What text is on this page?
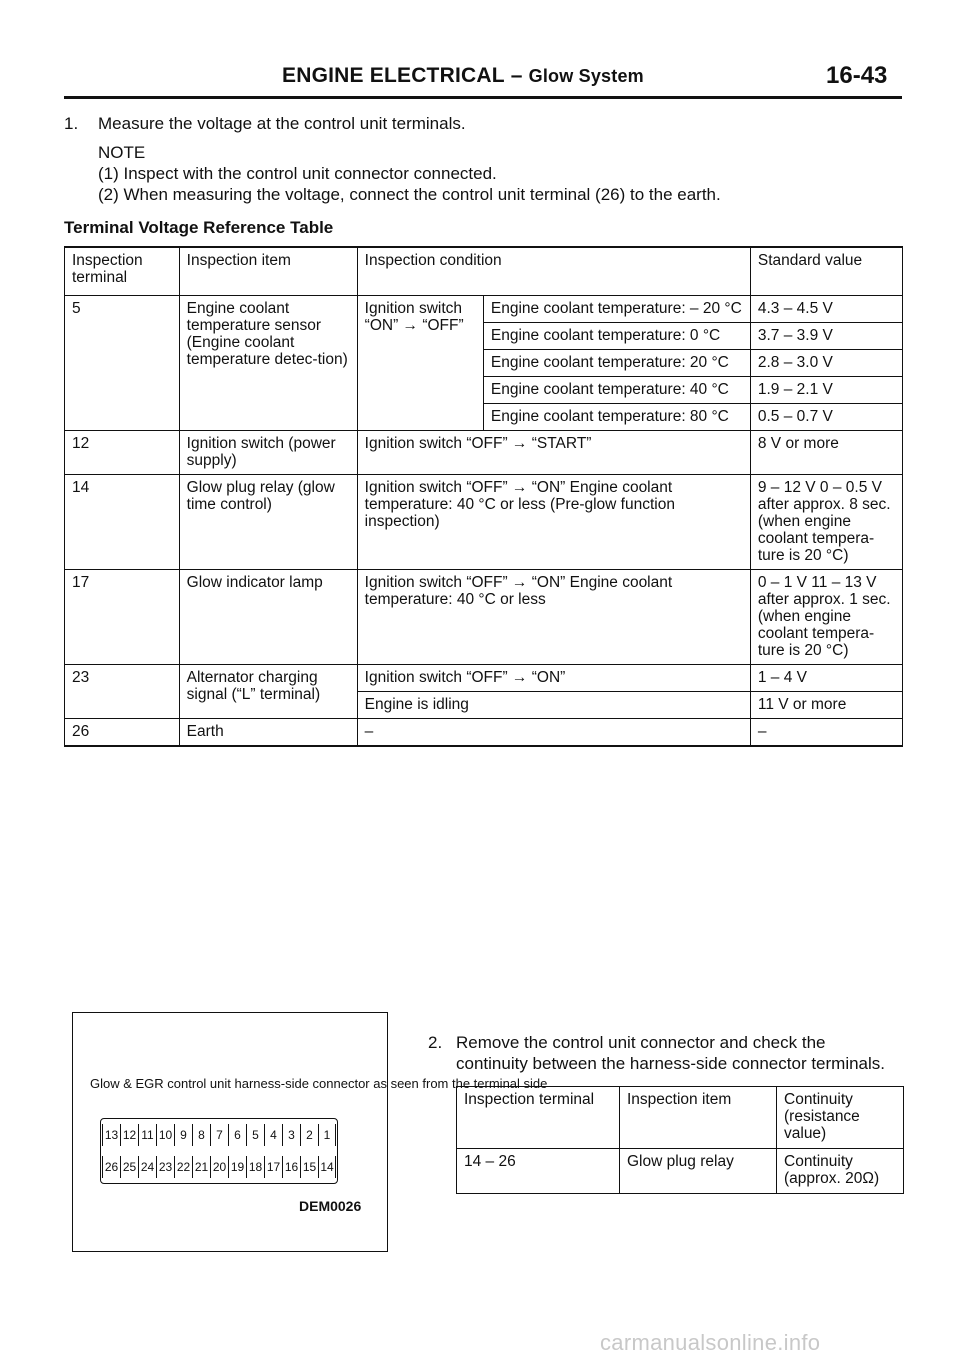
ENGINE ELECTRICAL – Glow System	16-43
1. Measure the voltage at the control unit terminals.
NOTE
(1) Inspect with the control unit connector connected.
(2) When measuring the voltage, connect the control unit terminal (26) to the earth.
Terminal Voltage Reference Table
Inspection terminal	Inspection item	Inspection condition		Standard value
5	Engine coolant temperature sensor (Engine coolant temperature detec-tion)	Ignition switch “ON” → “OFF”	Engine coolant temperature: – 20 °C	4.3 – 4.5 V
			Engine coolant temperature: 0 °C	3.7 – 3.9 V
			Engine coolant temperature: 20 °C	2.8 – 3.0 V
			Engine coolant temperature: 40 °C	1.9 – 2.1 V
			Engine coolant temperature: 80 °C	0.5 – 0.7 V
12	Ignition switch (power supply)	Ignition switch “OFF” → “START”		8 V or more
14	Glow plug relay (glow time control)	Ignition switch “OFF” → “ON” Engine coolant temperature: 40 °C or less (Pre-glow function inspection)		9 – 12 V 0 – 0.5 V after approx. 8 sec. (when engine coolant tempera-ture is 20 °C)
17	Glow indicator lamp	Ignition switch “OFF” → “ON” Engine coolant temperature: 40 °C or less		0 – 1 V 11 – 13 V after approx. 1 sec. (when engine coolant tempera-ture is 20 °C)
23	Alternator charging signal (“L” terminal)	Ignition switch “OFF” → “ON”		1 – 4 V
		Engine is idling		11 V or more
26	Earth	–		–
Glow & EGR control unit harness-side connector as seen from the terminal side
13 12 11 10 9 8 7 6 5 4 3 2 1
26 25 24 23 22 21 20 19 18 17 16 15 14
DEM0026
2. Remove the control unit connector and check the
continuity between the harness-side connector terminals.
Inspection terminal	Inspection item	Continuity (resistance value)
14 – 26	Glow plug relay	Continuity (approx. 20Ω)
carmanualsonline.info
